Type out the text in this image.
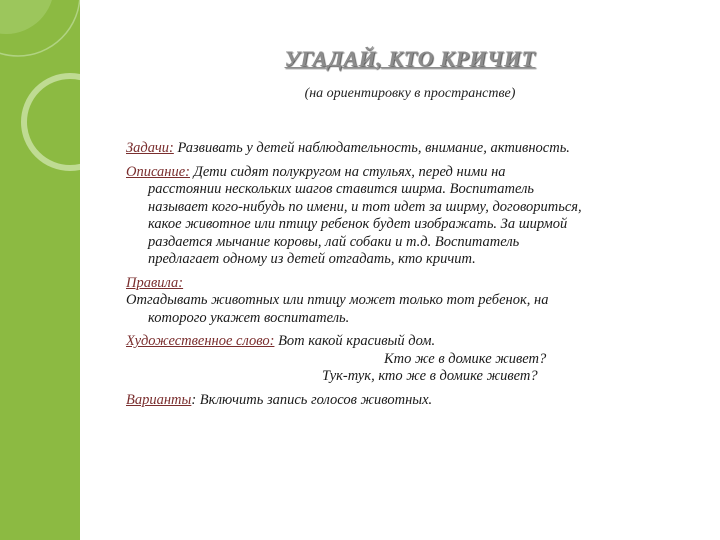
УГАДАЙ, КТО КРИЧИТ
(на ориентировку в пространстве)

Задачи: Развивать у детей наблюдательность, внимание, активность.

Описание: Дети сидят полукругом на стульях, перед ними на

расстоянии нескольких шагов ставится ширма. Воспитатель

называет кого-нибудь по имени, и тот идет за ширму, договориться,

какое животное или птицу ребенок будет изображать. За ширмой

раздается мычание коровы, лай собаки и т.д. Воспитатель

предлагает одному из детей отгадать, кто кричит.

Правила:

Отгадывать животных или птицу может только тот ребенок, на

которого укажет воспитатель.

Художественное слово: Вот какой красивый дом.

Кто же в домике живет?

Тук-тук, кто же в домике живет?

Варианты: Включить запись голосов животных.
